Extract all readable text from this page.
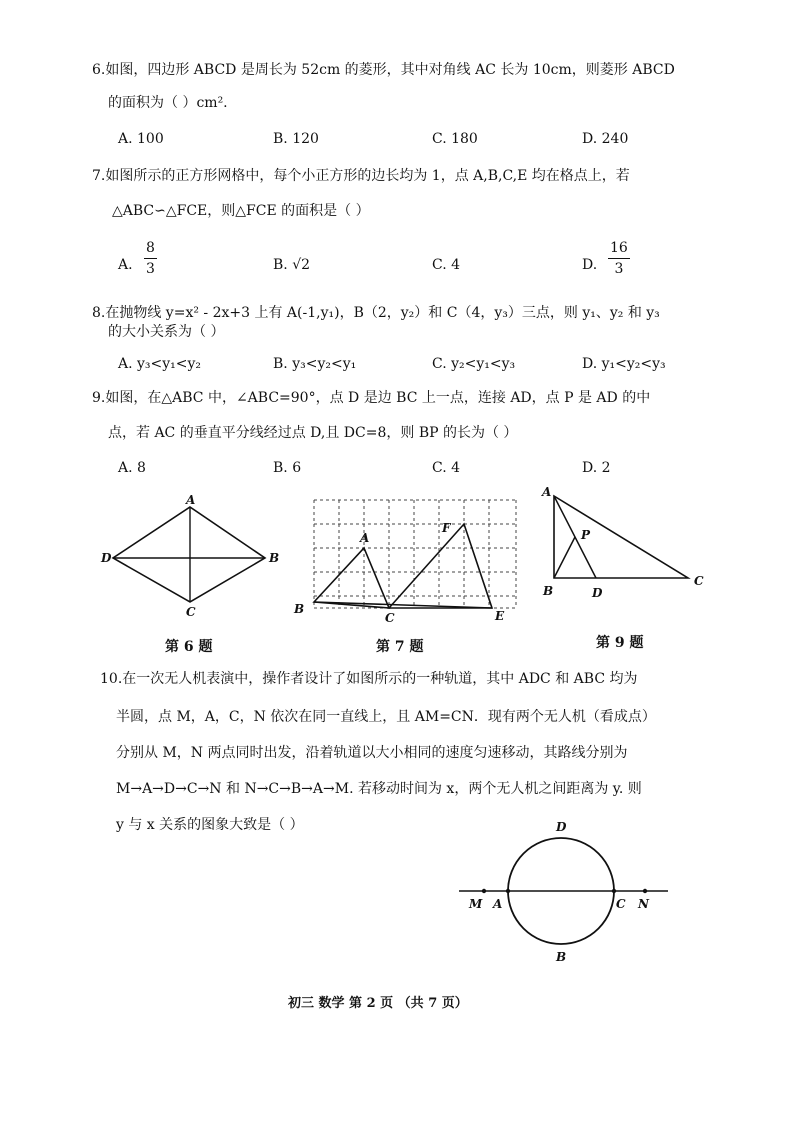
6.如图，四边形 ABCD 是周长为 52cm 的菱形，其中对角线 AC 长为 10cm，则菱形 ABCD
的面积为（ ）cm².
A. 100	B. 120	C. 180	D. 240
7.如图所示的正方形网格中，每个小正方形的边长均为 1，点 A,B,C,E 均在格点上，若
△ABC∽△FCE，则△FCE 的面积是（ ）
A. $\frac{8}{3}$	B. √2	C. 4	D. $\frac{16}{3}$
8.在抛物线 y=x² - 2x+3 上有 A(-1,y₁)，B（2，y₂）和 C（4，y₃）三点，则 y₁、y₂ 和 y₃
的大小关系为（ ）
A. y₃<y₁<y₂	B. y₃<y₂<y₁	C. y₂<y₁<y₃	D. y₁<y₂<y₃
9.如图，在△ABC 中，∠ABC=90°，点 D 是边 BC 上一点，连接 AD，点 P 是 AD 的中
点，若 AC 的垂直平分线经过点 D,且 DC=8，则 BP 的长为（ ）
A. 8	B. 6	C. 4	D. 2
A
B
C
D
第 6 题
A
B
C
F
E
第 7 题
A
P
B	D
C
第 9 题
10.在一次无人机表演中，操作者设计了如图所示的一种轨道，其中 ADC 和 ABC 均为
半圆，点 M，A，C，N 依次在同一直线上，且 AM=CN．现有两个无人机（看成点）
分别从 M，N 两点同时出发，沿着轨道以大小相同的速度匀速移动，其路线分别为
M→A→D→C→N 和 N→C→B→A→M. 若移动时间为 x，两个无人机之间距离为 y. 则
y 与 x 关系的图象大致是（ ）	D
M A	C N
B
初三 数学 第 2 页 （共 7 页）
